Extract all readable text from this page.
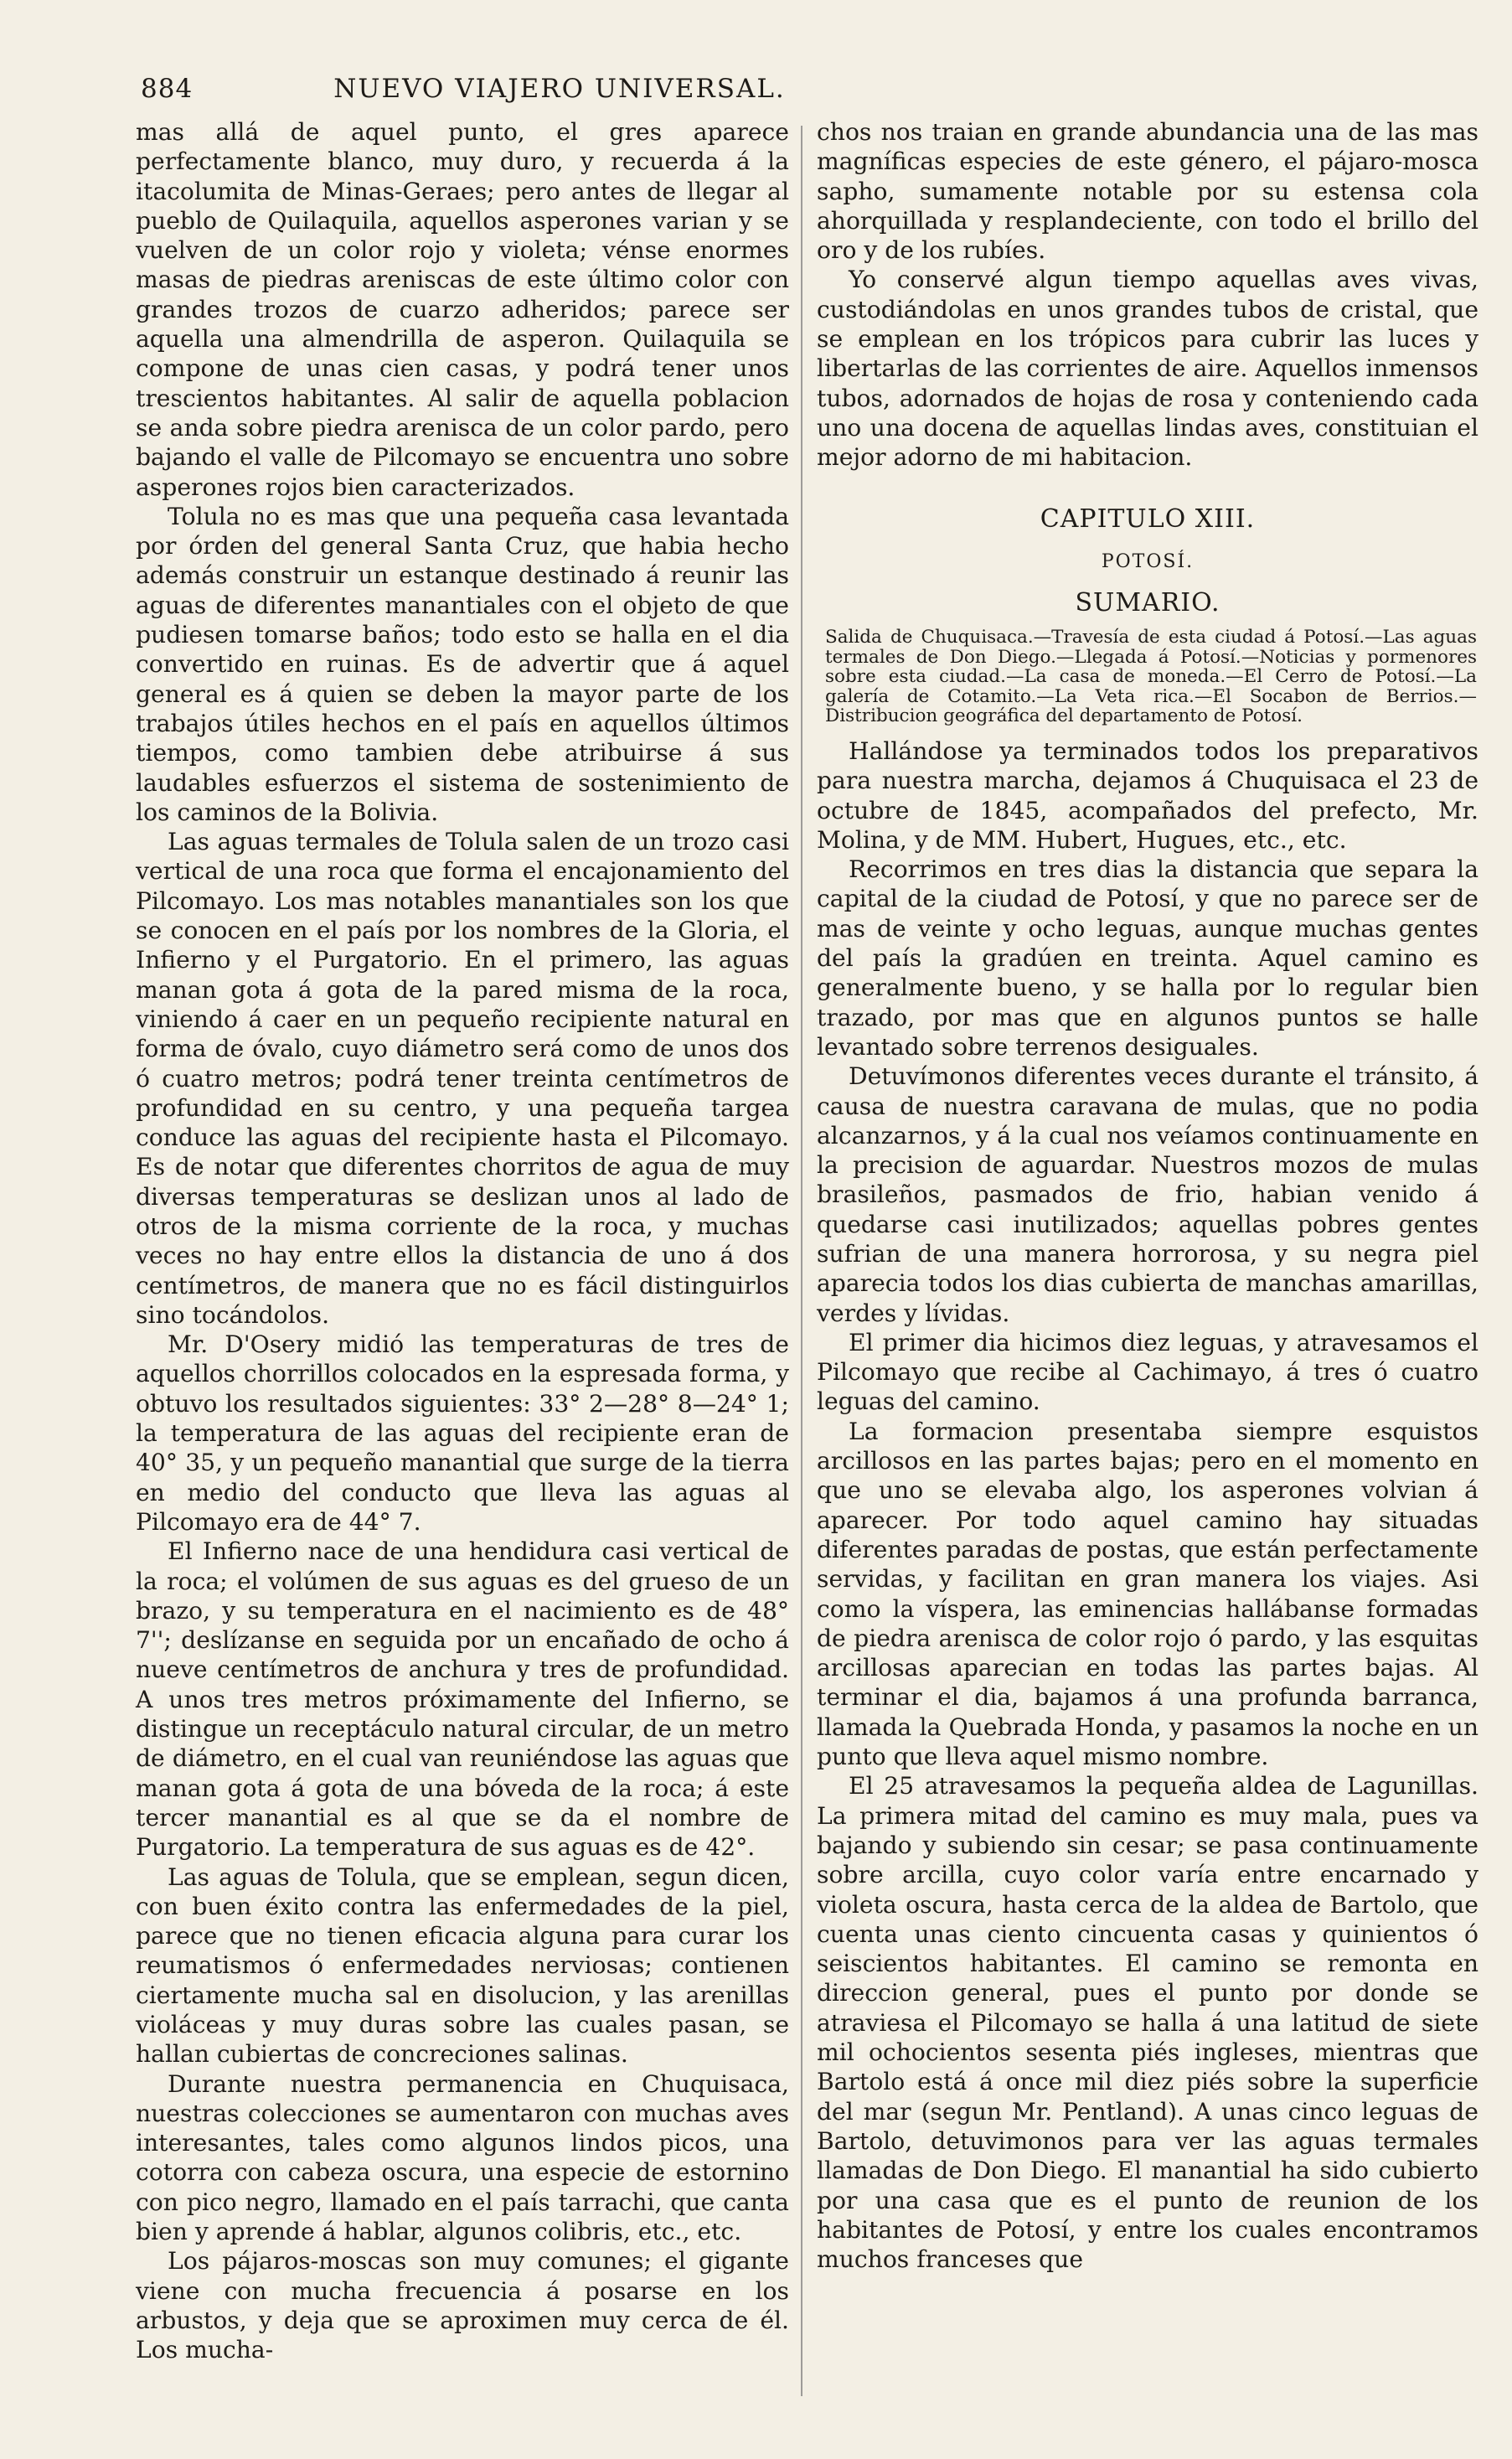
884	NUEVO VIAJERO UNIVERSAL.

mas allá de aquel punto, el gres aparece perfectamente blanco, muy duro, y recuerda á la itacolumita de Minas-Geraes; pero antes de llegar al pueblo de Quilaquila, aquellos asperones varian y se vuelven de un color rojo y violeta; vénse enormes masas de piedras areniscas de este último color con grandes trozos de cuarzo adheridos; parece ser aquella una almendrilla de asperon. Quilaquila se compone de unas cien casas, y podrá tener unos trescientos habitantes. Al salir de aquella poblacion se anda sobre piedra arenisca de un color pardo, pero bajando el valle de Pilcomayo se encuentra uno sobre asperones rojos bien caracterizados.

Tolula no es mas que una pequeña casa levantada por órden del general Santa Cruz, que habia hecho además construir un estanque destinado á reunir las aguas de diferentes manantiales con el objeto de que pudiesen tomarse baños; todo esto se halla en el dia convertido en ruinas. Es de advertir que á aquel general es á quien se deben la mayor parte de los trabajos útiles hechos en el país en aquellos últimos tiempos, como tambien debe atribuirse á sus laudables esfuerzos el sistema de sostenimiento de los caminos de la Bolivia.

Las aguas termales de Tolula salen de un trozo casi vertical de una roca que forma el encajonamiento del Pilcomayo. Los mas notables manantiales son los que se conocen en el país por los nombres de la Gloria, el Infierno y el Purgatorio. En el primero, las aguas manan gota á gota de la pared misma de la roca, viniendo á caer en un pequeño recipiente natural en forma de óvalo, cuyo diámetro será como de unos dos ó cuatro metros; podrá tener treinta centímetros de profundidad en su centro, y una pequeña targea conduce las aguas del recipiente hasta el Pilcomayo. Es de notar que diferentes chorritos de agua de muy diversas temperaturas se deslizan unos al lado de otros de la misma corriente de la roca, y muchas veces no hay entre ellos la distancia de uno á dos centímetros, de manera que no es fácil distinguirlos sino tocándolos.

Mr. D'Osery midió las temperaturas de tres de aquellos chorrillos colocados en la espresada forma, y obtuvo los resultados siguientes: 33° 2—28° 8—24° 1; la temperatura de las aguas del recipiente eran de 40° 35, y un pequeño manantial que surge de la tierra en medio del conducto que lleva las aguas al Pilcomayo era de 44° 7.

El Infierno nace de una hendidura casi vertical de la roca; el volúmen de sus aguas es del grueso de un brazo, y su temperatura en el nacimiento es de 48° 7''; deslízanse en seguida por un encañado de ocho á nueve centímetros de anchura y tres de profundidad. A unos tres metros próximamente del Infierno, se distingue un receptáculo natural circular, de un metro de diámetro, en el cual van reuniéndose las aguas que manan gota á gota de una bóveda de la roca; á este tercer manantial es al que se da el nombre de Purgatorio. La temperatura de sus aguas es de 42°.

Las aguas de Tolula, que se emplean, segun dicen, con buen éxito contra las enfermedades de la piel, parece que no tienen eficacia alguna para curar los reumatismos ó enfermedades nerviosas; contienen ciertamente mucha sal en disolucion, y las arenillas violáceas y muy duras sobre las cuales pasan, se hallan cubiertas de concreciones salinas.

Durante nuestra permanencia en Chuquisaca, nuestras colecciones se aumentaron con muchas aves interesantes, tales como algunos lindos picos, una cotorra con cabeza oscura, una especie de estornino con pico negro, llamado en el país tarrachi, que canta bien y aprende á hablar, algunos colibris, etc., etc.

Los pájaros-moscas son muy comunes; el gigante viene con mucha frecuencia á posarse en los arbustos, y deja que se aproximen muy cerca de él. Los mucha-

chos nos traian en grande abundancia una de las mas magníficas especies de este género, el pájaro-mosca sapho, sumamente notable por su estensa cola ahorquillada y resplandeciente, con todo el brillo del oro y de los rubíes.

Yo conservé algun tiempo aquellas aves vivas, custodiándolas en unos grandes tubos de cristal, que se emplean en los trópicos para cubrir las luces y libertarlas de las corrientes de aire. Aquellos inmensos tubos, adornados de hojas de rosa y conteniendo cada uno una docena de aquellas lindas aves, constituian el mejor adorno de mi habitacion.

CAPITULO XIII.
POTOSÍ.
SUMARIO.
Salida de Chuquisaca.—Travesía de esta ciudad á Potosí.—Las aguas termales de Don Diego.—Llegada á Potosí.—Noticias y pormenores sobre esta ciudad.—La casa de moneda.—El Cerro de Potosí.—La galería de Cotamito.—La Veta rica.—El Socabon de Berrios.—Distribucion geográfica del departamento de Potosí.

Hallándose ya terminados todos los preparativos para nuestra marcha, dejamos á Chuquisaca el 23 de octubre de 1845, acompañados del prefecto, Mr. Molina, y de MM. Hubert, Hugues, etc., etc.

Recorrimos en tres dias la distancia que separa la capital de la ciudad de Potosí, y que no parece ser de mas de veinte y ocho leguas, aunque muchas gentes del país la gradúen en treinta. Aquel camino es generalmente bueno, y se halla por lo regular bien trazado, por mas que en algunos puntos se halle levantado sobre terrenos desiguales.

Detuvímonos diferentes veces durante el tránsito, á causa de nuestra caravana de mulas, que no podia alcanzarnos, y á la cual nos veíamos continuamente en la precision de aguardar. Nuestros mozos de mulas brasileños, pasmados de frio, habian venido á quedarse casi inutilizados; aquellas pobres gentes sufrian de una manera horrorosa, y su negra piel aparecia todos los dias cubierta de manchas amarillas, verdes y lívidas.

El primer dia hicimos diez leguas, y atravesamos el Pilcomayo que recibe al Cachimayo, á tres ó cuatro leguas del camino.

La formacion presentaba siempre esquistos arcillosos en las partes bajas; pero en el momento en que uno se elevaba algo, los asperones volvian á aparecer. Por todo aquel camino hay situadas diferentes paradas de postas, que están perfectamente servidas, y facilitan en gran manera los viajes. Asi como la víspera, las eminencias hallábanse formadas de piedra arenisca de color rojo ó pardo, y las esquitas arcillosas aparecian en todas las partes bajas. Al terminar el dia, bajamos á una profunda barranca, llamada la Quebrada Honda, y pasamos la noche en un punto que lleva aquel mismo nombre.

El 25 atravesamos la pequeña aldea de Lagunillas. La primera mitad del camino es muy mala, pues va bajando y subiendo sin cesar; se pasa continuamente sobre arcilla, cuyo color varía entre encarnado y violeta oscura, hasta cerca de la aldea de Bartolo, que cuenta unas ciento cincuenta casas y quinientos ó seiscientos habitantes. El camino se remonta en direccion general, pues el punto por donde se atraviesa el Pilcomayo se halla á una latitud de siete mil ochocientos sesenta piés ingleses, mientras que Bartolo está á once mil diez piés sobre la superficie del mar (segun Mr. Pentland). A unas cinco leguas de Bartolo, detuvimonos para ver las aguas termales llamadas de Don Diego. El manantial ha sido cubierto por una casa que es el punto de reunion de los habitantes de Potosí, y entre los cuales encontramos muchos franceses que
